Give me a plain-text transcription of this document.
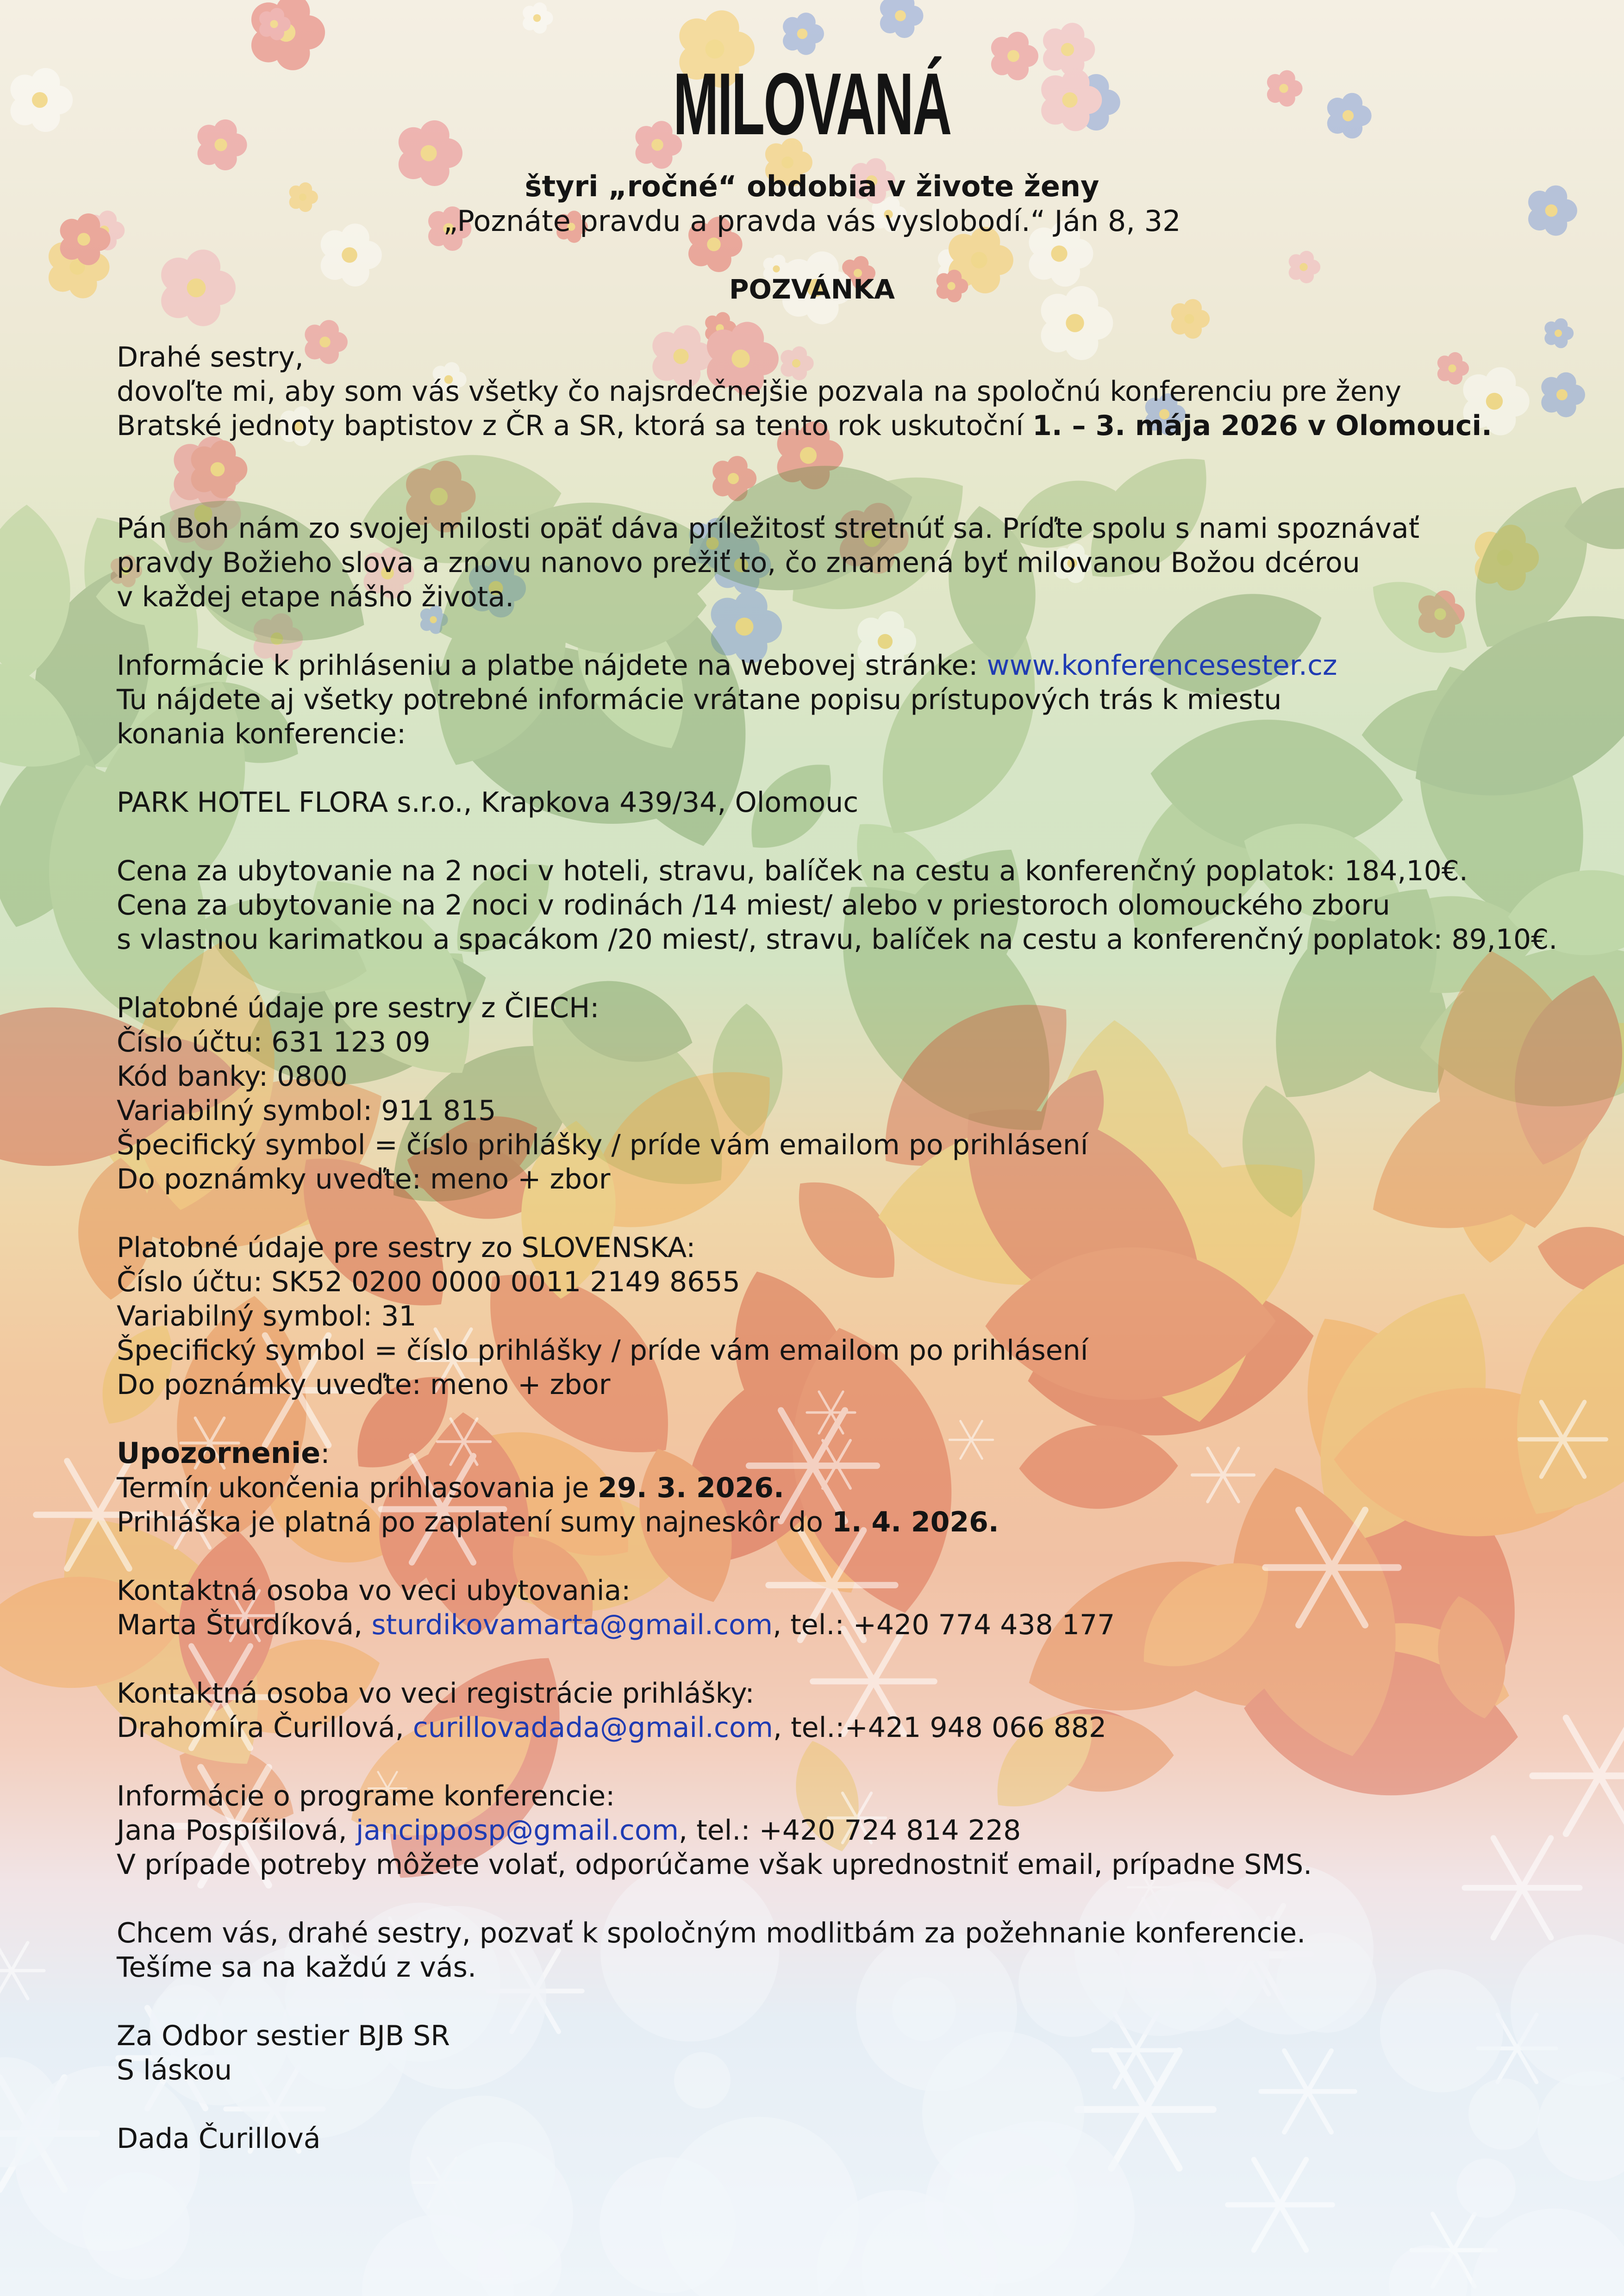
MILOVANÁ

štyri „ročné“ obdobia v živote ženy

„Poznáte pravdu a pravda vás vyslobodí.“ Ján 8, 32

POZVÁNKA

Drahé sestry,
dovoľte mi, aby som vás všetky čo najsrdečnejšie pozvala na spoločnú konferenciu pre ženy
Bratské jednoty baptistov z ČR a SR, ktorá sa tento rok uskutoční 1. – 3. mája 2026 v Olomouci.

Pán Boh nám zo svojej milosti opäť dáva príležitosť stretnúť sa. Príďte spolu s nami spoznávať
pravdy Božieho slova a znovu nanovo prežiť to, čo znamená byť milovanou Božou dcérou
v každej etape nášho života.

Informácie k prihláseniu a platbe nájdete na webovej stránke: www.konferencesester.cz
Tu nájdete aj všetky potrebné informácie vrátane popisu prístupových trás k miestu
konania konferencie:

PARK HOTEL FLORA s.r.o., Krapkova 439/34, Olomouc

Cena za ubytovanie na 2 noci v hoteli, stravu, balíček na cestu a konferenčný poplatok: 184,10€.
Cena za ubytovanie na 2 noci v rodinách /14 miest/ alebo v priestoroch olomouckého zboru
s vlastnou karimatkou a spacákom /20 miest/, stravu, balíček na cestu a konferenčný poplatok: 89,10€.

Platobné údaje pre sestry z ČIECH:
Číslo účtu: 631 123 09
Kód banky: 0800
Variabilný symbol: 911 815
Špecifický symbol = číslo prihlášky / príde vám emailom po prihlásení
Do poznámky uveďte: meno + zbor

Platobné údaje pre sestry zo SLOVENSKA:
Číslo účtu: SK52 0200 0000 0011 2149 8655
Variabilný symbol: 31
Špecifický symbol = číslo prihlášky / príde vám emailom po prihlásení
Do poznámky uveďte: meno + zbor

Upozornenie:
Termín ukončenia prihlasovania je 29. 3. 2026.
Prihláška je platná po zaplatení sumy najneskôr do 1. 4. 2026.

Kontaktná osoba vo veci ubytovania:
Marta Šturdíková, sturdikovamarta@gmail.com, tel.: +420 774 438 177

Kontaktná osoba vo veci registrácie prihlášky:
Drahomíra Čurillová, curillovadada@gmail.com, tel.:+421 948 066 882

Informácie o programe konferencie:
Jana Pospíšilová, jancipposp@gmail.com, tel.: +420 724 814 228
V prípade potreby môžete volať, odporúčame však uprednostniť email, prípadne SMS.

Chcem vás, drahé sestry, pozvať k spoločným modlitbám za požehnanie konferencie.
Tešíme sa na každú z vás.

Za Odbor sestier BJB SR
S láskou

Dada Čurillová
